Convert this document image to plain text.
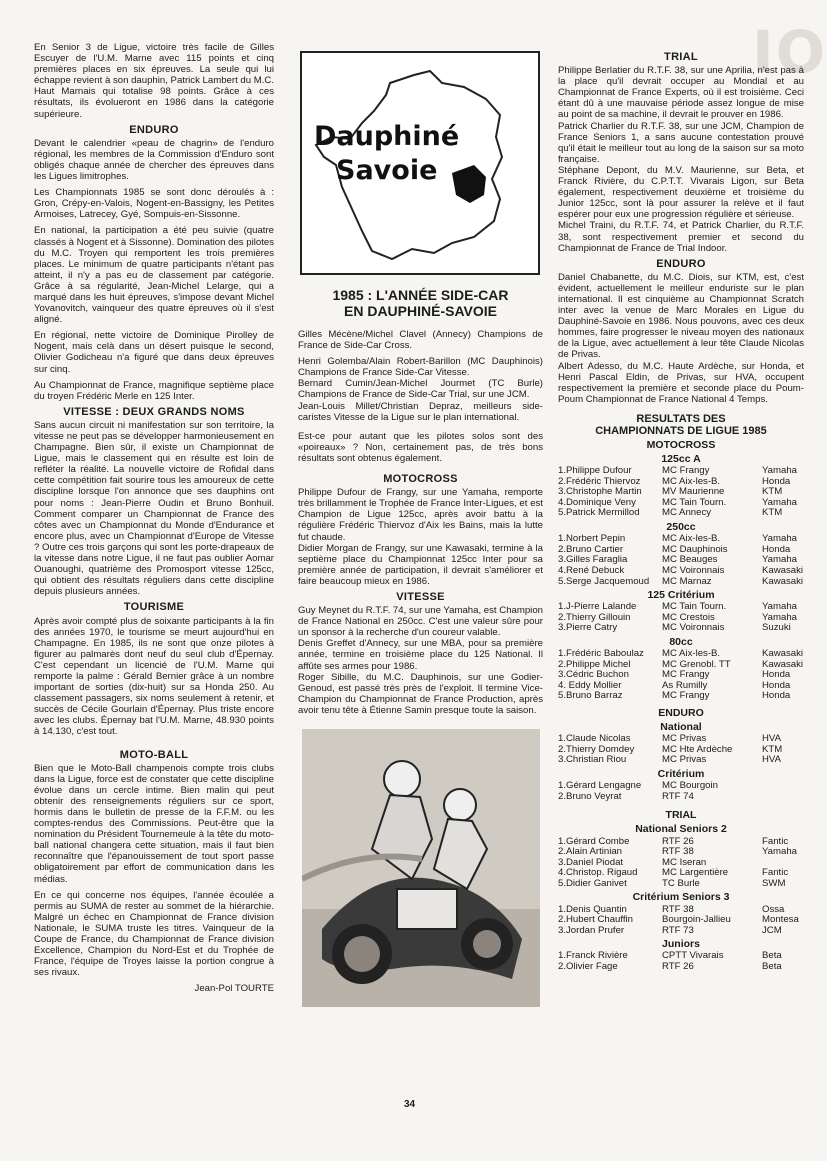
IO

En Senior 3 de Ligue, victoire très facile de Gilles Escuyer de l'U.M. Marne avec 115 points et cinq premières places en six épreuves. La seule qui lui échappe revient à son dauphin, Patrick Lambert du M.C. Haut Marnais qui totalise 98 points. Grâce à ces résultats, ils évolueront en 1986 dans la catégorie supérieure.

ENDURO

Devant le calendrier «peau de chagrin» de l'enduro régional, les membres de la Commission d'Enduro sont obligés chaque année de chercher des épreuves dans les Ligues limitrophes.

Les Championnats 1985 se sont donc déroulés à : Gron, Crépy-en-Valois, Nogent-en-Bassigny, les Petites Armoises, Latrecey, Gyé, Sompuis-en-Sissonne.

En national, la participation a été peu suivie (quatre classés à Nogent et à Sissonne). Domination des pilotes du M.C. Troyen qui remportent les trois premières places. Le minimum de quatre participants n'étant pas atteint, il n'y a pas eu de classement par catégorie. Grâce à sa régularité, Jean-Michel Lelarge, qui a marqué dans les huit épreuves, s'impose devant Michel Yovanovitch, vainqueur des quatre épreuves où il s'est aligné.

En régional, nette victoire de Dominique Pirolley de Nogent, mais celà dans un désert puisque le second, Olivier Godicheau n'a figuré que dans deux épreuves sur cinq.

Au Championnat de France, magnifique septième place du troyen Frédéric Merle en 125 Inter.

VITESSE : DEUX GRANDS NOMS

Sans aucun circuit ni manifestation sur son territoire, la vitesse ne peut pas se développer harmonieusement en Champagne. Bien sûr, il existe un Championnat de Ligue, mais le classement qui en résulte est loin de refléter la réalité. La nouvelle victoire de Rofidal dans cette compétition fait sourire tous les amoureux de cette discipline lorsque l'on annonce que ses dauphins ont pour noms : Jean-Pierre Oudin et Bruno Bonhuil. Comment comparer un Championnat de France des côtes avec un Championnat du Monde d'Endurance et encore plus, avec un Championnat d'Europe de Vitesse ? Outre ces trois garçons qui sont les porte-drapeaux de la vitesse dans notre Ligue, il ne faut pas oublier Aomar Ouanoughi, quatrième des Promosport vitesse 125cc, qui obtient des résultats réguliers dans cette discipline depuis plusieurs années.

TOURISME

Après avoir compté plus de soixante participants à la fin des années 1970, le tourisme se meurt aujourd'hui en Champagne. En 1985, ils ne sont que onze pilotes à figurer au palmarès dont neuf du seul club d'Épernay. C'est cependant un licencié de l'U.M. Marne qui remporte la palme : Gérald Bernier grâce à un nombre important de sorties (dix-huit) sur sa Honda 250. Au classement passagers, six noms seulement à retenir, et succès de Cécile Gourlain d'Épernay. Plus triste encore avec les clubs. Épernay bat l'U.M. Marne, 48.930 points à 14.130, c'est tout.

MOTO-BALL

Bien que le Moto-Ball champenois compte trois clubs dans la Ligue, force est de constater que cette discipline évolue dans un cercle intime. Bien malin qui peut obtenir des renseignements réguliers sur ce sport, hormis dans le bulletin de presse de la F.F.M. ou les comptes-rendus des Commissions. Peut-être que la nomination du Président Tournemeule à la tête du moto-ball national changera cette situation, mais il faut bien reconnaître que l'épanouissement de tout sport passe obligatoirement par effort de communication dans les médias.

En ce qui concerne nos équipes, l'année écoulée a permis au SUMA de rester au sommet de la hiérarchie. Malgré un échec en Championnat de France division Nationale, le SUMA truste les titres. Vainqueur de la Coupe de France, du Championnat de France division Excellence, Champion du Nord-Est et du Trophée de France, l'équipe de Troyes laisse la portion congrue à ses rivaux.

Jean-Pol TOURTE
Dauphiné
Savoie
1985 : L'ANNÉE SIDE-CAR
EN DAUPHINÉ-SAVOIE

Gilles Mécène/Michel Clavel (Annecy) Champions de France de Side-Car Cross.

Henri Golemba/Alain Robert-Barillon (MC Dauphinois) Champions de France Side-Car Vitesse.

Bernard Cumin/Jean-Michel Jourmet (TC Burle) Champions de France de Side-Car Trial, sur une JCM.

Jean-Louis Millet/Christian Depraz, meilleurs side-caristes Vitesse de la Ligue sur le plan international.

Est-ce pour autant que les pilotes solos sont des «poireaux» ? Non, certainement pas, de très bons résultats sont obtenus également.

MOTOCROSS

Philippe Dufour de Frangy, sur une Yamaha, remporte très brillamment le Trophée de France Inter-Ligues, et est Champion de Ligue 125cc, après avoir battu à la régulière Frédéric Thiervoz d'Aix les Bains, mais la lutte fut chaude.

Didier Morgan de Frangy, sur une Kawasaki, termine à la septième place du Championnat 125cc Inter pour sa première année de participation, il devrait s'améliorer et faire beaucoup mieux en 1986.

VITESSE

Guy Meynet du R.T.F. 74, sur une Yamaha, est Champion de France National en 250cc. C'est une valeur sûre pour un sponsor à la recherche d'un coureur valable.

Denis Greffet d'Annecy, sur une MBA, pour sa première année, termine en troisième place du 125 National. Il affûte ses armes pour 1986.

Roger Sibille, du M.C. Dauphinois, sur une Godier-Genoud, est passé très près de l'exploit. Il termine Vice-Champion du Championnat de France Production, après avoir tenu tête à Étienne Samin presque toute la saison.

TRIAL

Philippe Berlatier du R.T.F. 38, sur une Aprilia, n'est pas à la place qu'il devrait occuper au Mondial et au Championnat de France Experts, où il est troisième. Ceci étant dû à une mauvaise période assez longue de mise au point de sa machine, il devrait le prouver en 1986.

Patrick Charlier du R.T.F. 38, sur une JCM, Champion de France Seniors 1, a sans aucune contestation prouvé qu'il était le meilleur tout au long de la saison sur sa moto française.

Stéphane Depont, du M.V. Maurienne, sur Beta, et Franck Rivière, du C.P.T.T. Vivarais Ligon, sur Beta également, respectivement deuxième et troisième du Junior 125cc, sont là pour assurer la relève et il faut espérer pour eux une progression régulière et sérieuse.

Michel Traini, du R.T.F. 74, et Patrick Charlier, du R.T.F. 38, sont respectivement premier et second du Championnat de France de Trial Indoor.

ENDURO

Daniel Chabanette, du M.C. Diois, sur KTM, est, c'est évident, actuellement le meilleur enduriste sur le plan international. Il est cinquième au Championnat Scratch inter avec la venue de Marc Morales en Ligue du Dauphiné-Savoie en 1986. Nous pouvons, avec ces deux hommes, faire progresser le niveau moyen des nationaux de la Ligue, avec actuellement à leur tête Claude Nicolas de Privas.

Albert Adesso, du M.C. Haute Ardèche, sur Honda, et Henri Pascal Eldin, de Privas, sur HVA, occupent respectivement la première et seconde place du Poum-Poum Championnat de France National 4 Temps.

RESULTATS DES
CHAMPIONNATS DE LIGUE 1985
MOTOCROSS
125cc A
1.Philippe Dufour	MC Frangy	Yamaha
2.Frédéric Thiervoz	MC Aix-les-B.	Honda
3.Christophe Martin	MV Maurienne	KTM
4.Dominique Veny	MC Tain Tourn.	Yamaha
5.Patrick Mermillod	MC Annecy	KTM
250cc
1.Norbert Pepin	MC Aix-les-B.	Yamaha
2.Bruno Cartier	MC Dauphinois	Honda
3.Gilles Faraglia	MC Beauges	Yamaha
4.René Debuck	MC Voironnais	Kawasaki
5.Serge Jacquemoud	MC Marnaz	Kawasaki
125 Critérium
1.J-Pierre Lalande	MC Tain Tourn.	Yamaha
2.Thierry Gillouin	MC Crestois	Yamaha
3.Pierre Catry	MC Voironnais	Suzuki
80cc
1.Frédéric Baboulaz	MC Aix-les-B.	Kawasaki
2.Philippe Michel	MC Grenobl. TT	Kawasaki
3.Cédric Buchon	MC Frangy	Honda
4. Eddy Mollier	As Rumilly	Honda
5.Bruno Barraz	MC Frangy	Honda
ENDURO
National
1.Claude Nicolas	MC Privas	HVA
2.Thierry Domdey	MC Hte Ardèche	KTM
3.Christian Riou	MC Privas	HVA
Critérium
1.Gérard Lengagne	MC Bourgoin	
2.Bruno Veyrat	RTF 74	
TRIAL
National Seniors 2
1.Gérard Combe	RTF 26	Fantic
2.Alain Artinian	RTF 38	Yamaha
3.Daniel Piodat	MC Iseran	
4.Christop. Rigaud	MC Largentière	Fantic
5.Didier Ganivet	TC Burle	SWM
Critérium Seniors 3
1.Denis Quantin	RTF 38	Ossa
2.Hubert Chauffin	Bourgoin-Jallieu	Montesa
3.Jordan Prufer	RTF 73	JCM
Juniors
1.Franck Rivière	CPTT Vivarais	Beta
2.Olivier Fage	RTF 26	Beta
34
